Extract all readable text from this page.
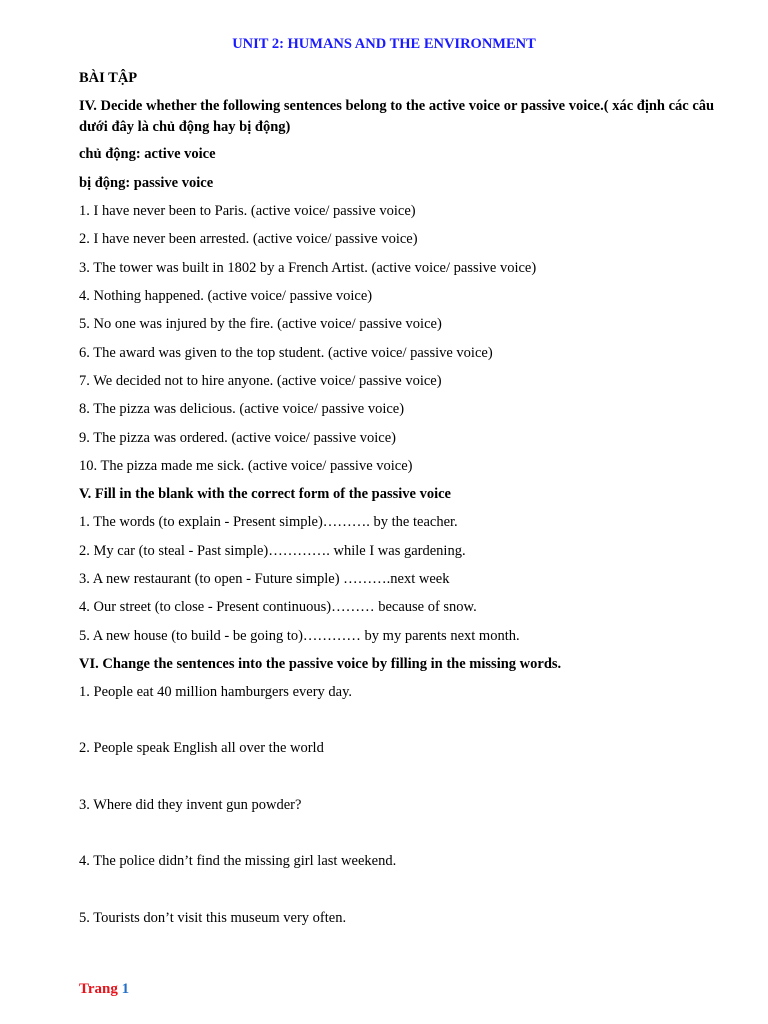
UNIT 2: HUMANS AND THE ENVIRONMENT
BÀI TẬP
IV. Decide whether the following sentences belong to the active voice or passive voice.( xác định các câu dưới đây là chủ động hay bị động)
chủ động: active voice
bị động: passive voice
1. I have never been to Paris. (active voice/ passive voice)
2. I have never been arrested. (active voice/ passive voice)
3. The tower was built in 1802 by a French Artist. (active voice/ passive voice)
4. Nothing happened. (active voice/ passive voice)
5. No one was injured by the fire. (active voice/ passive voice)
6. The award was given to the top student. (active voice/ passive voice)
7. We decided not to hire anyone. (active voice/ passive voice)
8. The pizza was delicious. (active voice/ passive voice)
9. The pizza was ordered. (active voice/ passive voice)
10. The pizza made me sick. (active voice/ passive voice)
V. Fill in the blank with the correct form of the passive voice
1. The words (to explain - Present simple)………. by the teacher.
2. My car (to steal - Past simple)…………. while I was gardening.
3. A new restaurant (to open - Future simple) ……….next week
4. Our street (to close - Present continuous)……… because of snow.
5. A new house (to build - be going to)………… by my parents next month.
VI. Change the sentences into the passive voice by filling in the missing words.
1. People eat 40 million hamburgers every day.
2. People speak English all over the world
3. Where did they invent gun powder?
4. The police didn’t find the missing girl last weekend.
5. Tourists don’t visit this museum very often.
Trang 1
